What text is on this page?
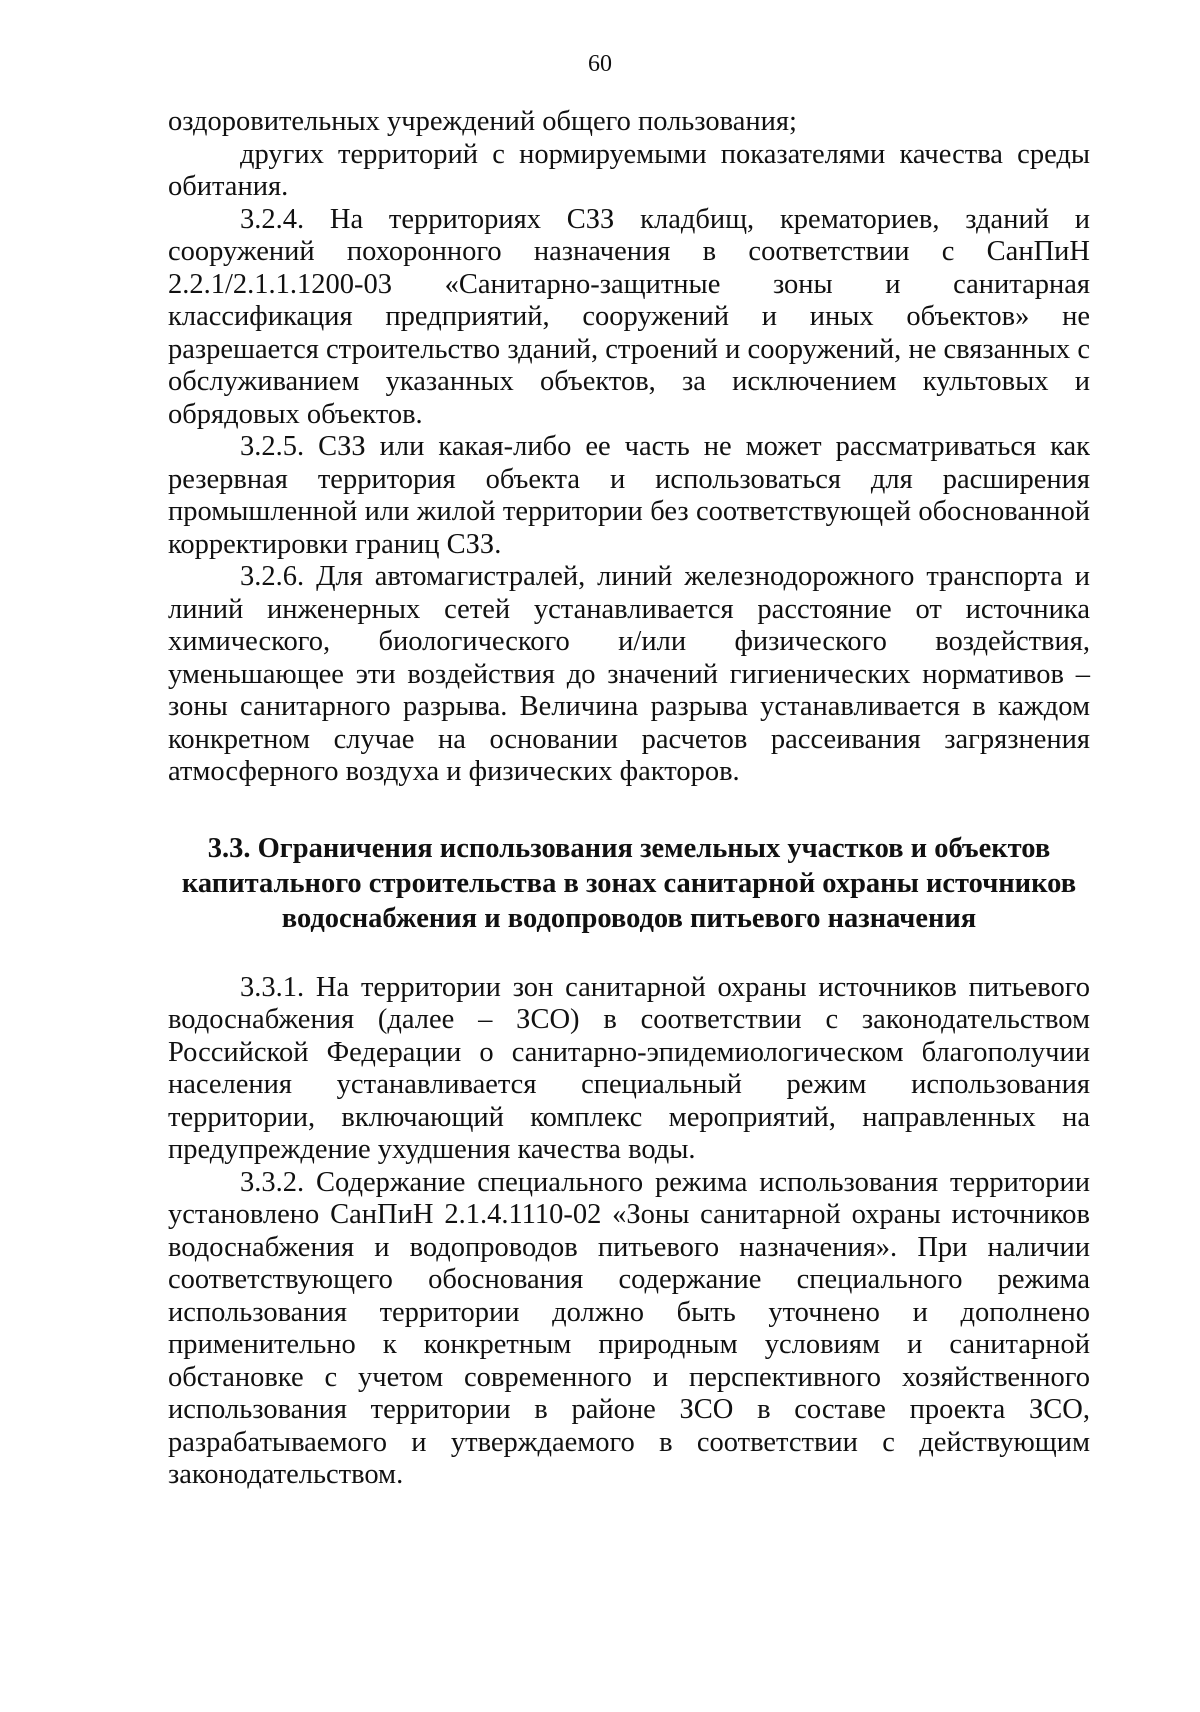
60
оздоровительных учреждений общего пользования;
других территорий с нормируемыми показателями качества среды
обитания.
3.2.4. На территориях СЗЗ кладбищ, крематориев, зданий и
сооружений похоронного назначения в соответствии с СанПиН
2.2.1/2.1.1.1200-03 «Санитарно-защитные зоны и санитарная
классификация предприятий, сооружений и иных объектов» не
разрешается строительство зданий, строений и сооружений, не связанных с
обслуживанием указанных объектов, за исключением культовых и
обрядовых объектов.
3.2.5. СЗЗ или какая-либо ее часть не может рассматриваться как
резервная территория объекта и использоваться для расширения
промышленной или жилой территории без соответствующей обоснованной
корректировки границ СЗЗ.
3.2.6. Для автомагистралей, линий железнодорожного транспорта и
линий инженерных сетей устанавливается расстояние от источника
химического, биологического и/или физического воздействия,
уменьшающее эти воздействия до значений гигиенических нормативов –
зоны санитарного разрыва. Величина разрыва устанавливается в каждом
конкретном случае на основании расчетов рассеивания загрязнения
атмосферного воздуха и физических факторов.
3.3. Ограничения использования земельных участков и объектов
капитального строительства в зонах санитарной охраны источников
водоснабжения и водопроводов питьевого назначения
3.3.1. На территории зон санитарной охраны источников питьевого
водоснабжения (далее – ЗСО) в соответствии с законодательством
Российской Федерации о санитарно-эпидемиологическом благополучии
населения устанавливается специальный режим использования
территории, включающий комплекс мероприятий, направленных на
предупреждение ухудшения качества воды.
3.3.2. Содержание специального режима использования территории
установлено СанПиН 2.1.4.1110-02 «Зоны санитарной охраны источников
водоснабжения и водопроводов питьевого назначения». При наличии
соответствующего обоснования содержание специального режима
использования территории должно быть уточнено и дополнено
применительно к конкретным природным условиям и санитарной
обстановке с учетом современного и перспективного хозяйственного
использования территории в районе ЗСО в составе проекта ЗСО,
разрабатываемого и утверждаемого в соответствии с действующим
законодательством.
